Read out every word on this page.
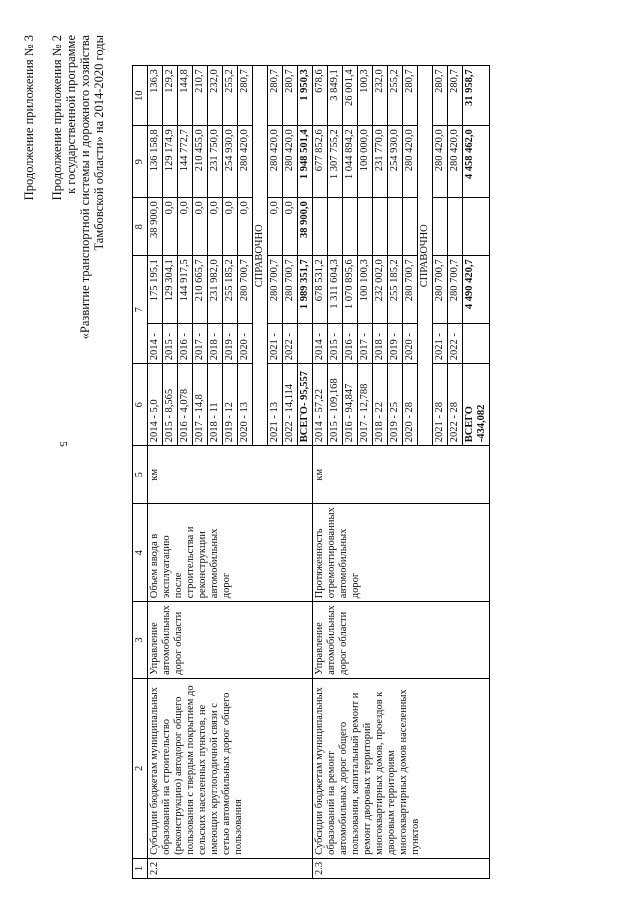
5
Продолжение приложения № 3 Продолжение приложения № 2 к государственной программе «Развитие транспортной системы и дорожного хозяйства Тамбовской области» на 2014-2020 годы
1	2	3	4	5	6	7		8	9	10
2.2	Субсидии бюджетам муниципальных образований на строительство (реконструкцию) автодорог общего пользования с твердым покрытием до сельских населенных пунктов, не имеющих круглогодичной связи с сетью автомобильных дорог общего пользования	Управление автомобильных дорог области	Объем ввода в эксплуатацию после строительства и реконструкции автомобильных дорог	км	2014 - 5,0	2014 -	175 195,1	38 900,0	136 158,8	136,3
					2015 - 8,565	2015 -	129 304,1	0,0	129 174,9	129,2
					2016 - 4,078	2016 -	144 917,5	0,0	144 772,7	144,8
					2017 - 14,8	2017 -	210 665,7	0,0	210 455,0	210,7
					2018 - 11	2018 -	231 982,0	0,0	231 750,0	232,0
					2019 - 12	2019 -	255 185,2	0,0	254 930,0	255,2
					2020 - 13	2020 -	280 700,7	0,0	280 420,0	280,7
					СПРАВОЧНО					
					2021 - 13	2021 -	280 700,7	0,0	280 420,0	280,7
					2022 - 14,114	2022 -	280 700,7	0,0	280 420,0	280,7
					ВСЕГО- 95,557		1 989 351,7	38 900,0	1 948 501,4	1 950,3
2.3	Субсидии бюджетам муниципальных образований на ремонт автомобильных дорог общего пользования, капитальный ремонт и ремонт дворовых территорий многоквартирных домов, проездов к дворовым территориям многоквартирных домов населенных пунктов	Управление автомобильных дорог области	Протяженность отремонтированных автомобильных дорог	км	2014 - 57,22	2014 -	678 531,2		677 852,6	678,6
					2015 - 109,168	2015 -	1 311 604,3		1 307 755,2	3 849,1
					2016 - 94,847	2016 -	1 070 895,6		1 044 894,2	26 001,4
					2017 - 12,788	2017 -	100 100,3		100 000,0	100,3
					2018 - 22	2018 -	232 002,0		231 770,0	232,0
					2019 - 25	2019 -	255 185,2		254 930,0	255,2
					2020 - 28	2020 -	280 700,7		280 420,0	280,7
					СПРАВОЧНО					
					2021 - 28	2021 -	280 700,7		280 420,0	280,7
					2022 - 28	2022 -	280 700,7		280 420,0	280,7
					ВСЕГО -434,082		4 490 420,7		4 458 462,0	31 958,7
